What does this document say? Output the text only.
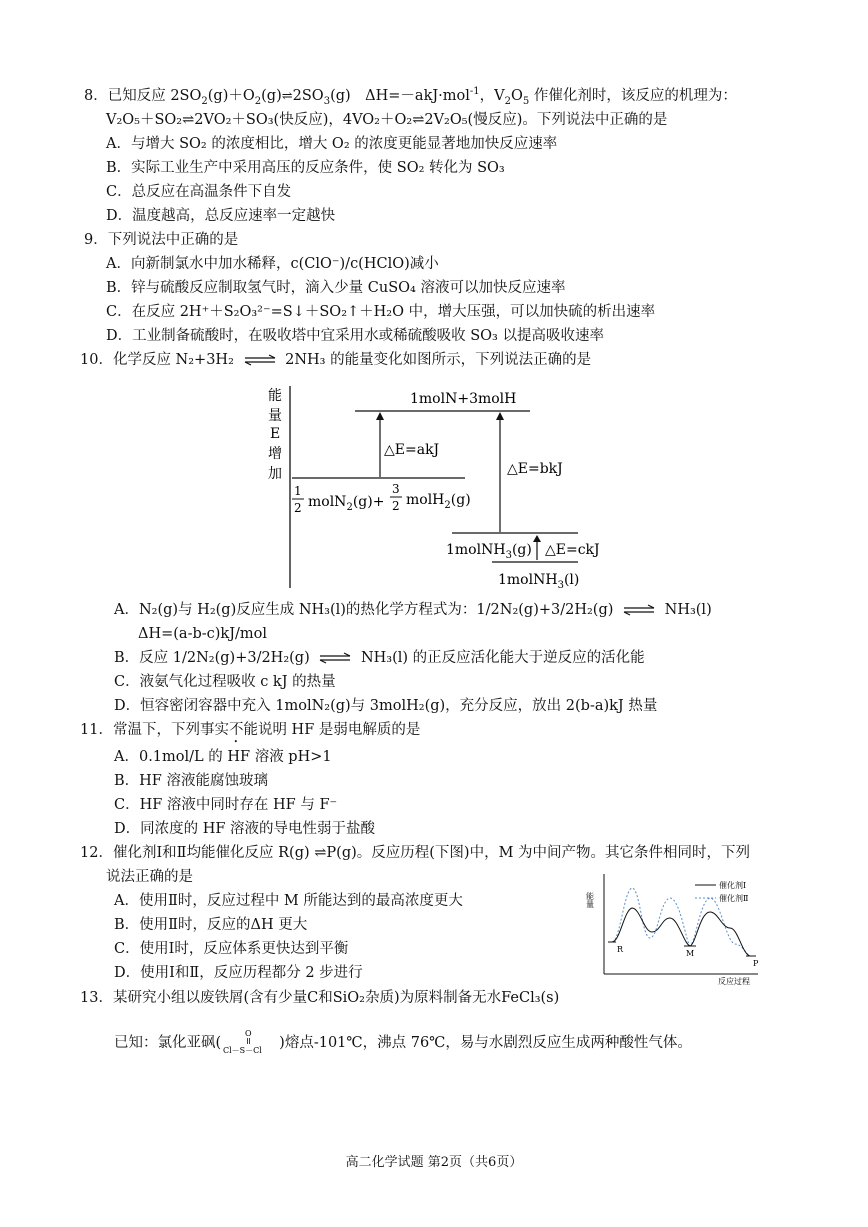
8．已知反应 $2SO_2(g)+O_2(g)\rightleftharpoons 2SO_3(g)$　ΔH=－akJ·mol$^{-1}$，$V_2O_5$ 作催化剂时，该反应的机理为：
V₂O₅＋SO₂⇌2VO₂＋SO₃(快反应)，4VO₂＋O₂⇌2V₂O₅(慢反应)。下列说法中正确的是
A．与增大 SO₂ 的浓度相比，增大 O₂ 的浓度更能显著地加快反应速率
B．实际工业生产中采用高压的反应条件，使 SO₂ 转化为 SO₃
C．总反应在高温条件下自发
D．温度越高，总反应速率一定越快
9．下列说法中正确的是
A．向新制氯水中加水稀释，c(ClO⁻)/c(HClO)减小
B．锌与硫酸反应制取氢气时，滴入少量 CuSO₄ 溶液可以加快反应速率
C．在反应 2H⁺＋S₂O₃²⁻=S↓＋SO₂↑＋H₂O 中，增大压强，可以加快硫的析出速率
D．工业制备硫酸时，在吸收塔中宜采用水或稀硫酸吸收 SO₃ 以提高吸收速率
10．化学反应 N₂+3H₂ ⇌ 2NH₃ 的能量变化如图所示，下列说法正确的是
能
量
E
增
加
1molN+3molH
△E=akJ
1
2 molN$_2$(g)+
3
2 molH$_2$(g)
△E=bkJ
1molNH$_3$(g) △E=ckJ
1molNH$_3$(l)
A．N₂(g)与 H₂(g)反应生成 NH₃(l)的热化学方程式为：1/2N₂(g)+3/2H₂(g) ⇌ NH₃(l)
ΔH=(a-b-c)kJ/mol
B．反应 1/2N₂(g)+3/2H₂(g) ⇌ NH₃(l) 的正反应活化能大于逆反应的活化能
C．液氨气化过程吸收 c kJ 的热量
D．恒容密闭容器中充入 1molN₂(g)与 3molH₂(g)，充分反应，放出 2(b-a)kJ 热量
11．常温下，下列事实不能说明 HF 是弱电解质的是
A．0.1mol/L 的 HF 溶液 pH>1
B．HF 溶液能腐蚀玻璃
C．HF 溶液中同时存在 HF 与 F⁻
D．同浓度的 HF 溶液的导电性弱于盐酸
12．催化剂Ⅰ和Ⅱ均能催化反应 R(g) ⇌P(g)。反应历程(下图)中，M 为中间产物。其它条件相同时，下列
说法正确的是
A．使用Ⅱ时，反应过程中 M 所能达到的最高浓度更大
B．使用Ⅱ时，反应的ΔH 更大
C．使用Ⅰ时，反应体系更快达到平衡
D．使用Ⅰ和Ⅱ，反应历程都分 2 步进行
能量
反应过程
催化剂Ⅰ
催化剂Ⅱ
R	M
P
13．某研究小组以废铁屑(含有少量C和SiO₂杂质)为原料制备无水FeCl₃(s)
已知：氯化亚砜(
O
Cl－S－Cl )熔点-101℃，沸点 76℃，易与水剧烈反应生成两种酸性气体。
高二化学试题 第2页（共6页）
